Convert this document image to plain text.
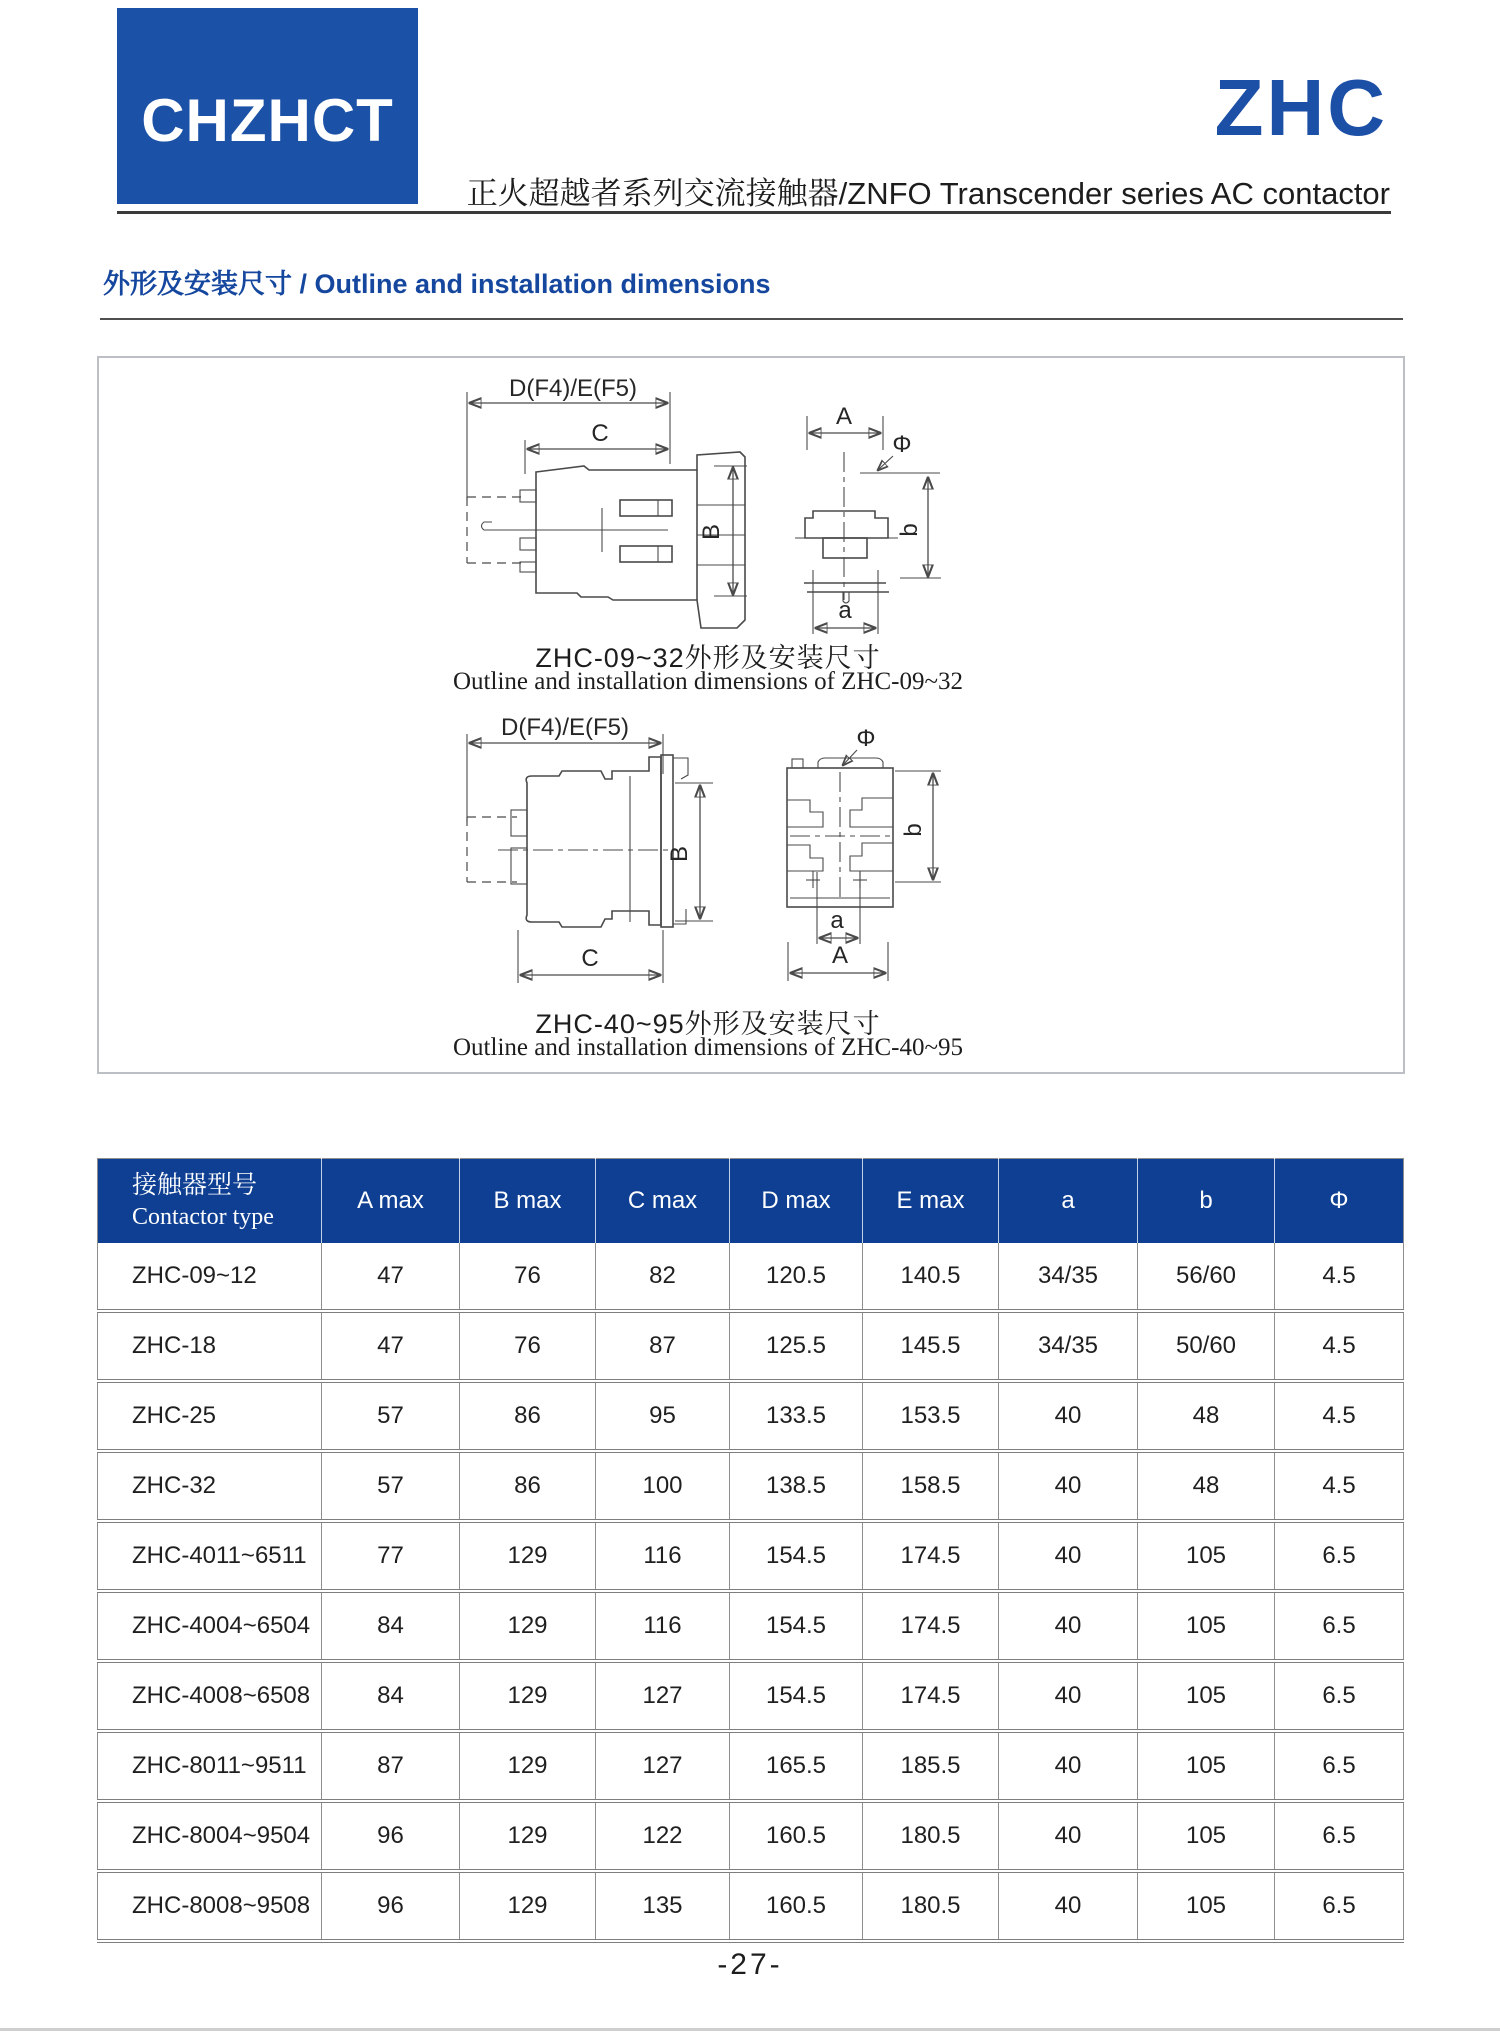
CHZHCT	ZHC
正火超越者系列交流接触器/ZNFO Transcender series AC contactor
外形及安装尺寸 / Outline and installation dimensions
D(F4)/E(F5)
C
B
A
Φ
b
a
ZHC-09~32外形及安装尺寸
Outline and installation dimensions of ZHC-09~32
D(F4)/E(F5)
B
C
Φ
b
a
A
ZHC-40~95外形及安装尺寸
Outline and installation dimensions of ZHC-40~95
接触器型号
Contactor type	A max	B max	C max	D max	E max	a	b	Φ
ZHC-09~12	47	76	82	120.5	140.5	34/35	56/60	4.5
ZHC-18	47	76	87	125.5	145.5	34/35	50/60	4.5
ZHC-25	57	86	95	133.5	153.5	40	48	4.5
ZHC-32	57	86	100	138.5	158.5	40	48	4.5
ZHC-4011~6511	77	129	116	154.5	174.5	40	105	6.5
ZHC-4004~6504	84	129	116	154.5	174.5	40	105	6.5
ZHC-4008~6508	84	129	127	154.5	174.5	40	105	6.5
ZHC-8011~9511	87	129	127	165.5	185.5	40	105	6.5
ZHC-8004~9504	96	129	122	160.5	180.5	40	105	6.5
ZHC-8008~9508	96	129	135	160.5	180.5	40	105	6.5
-27-
